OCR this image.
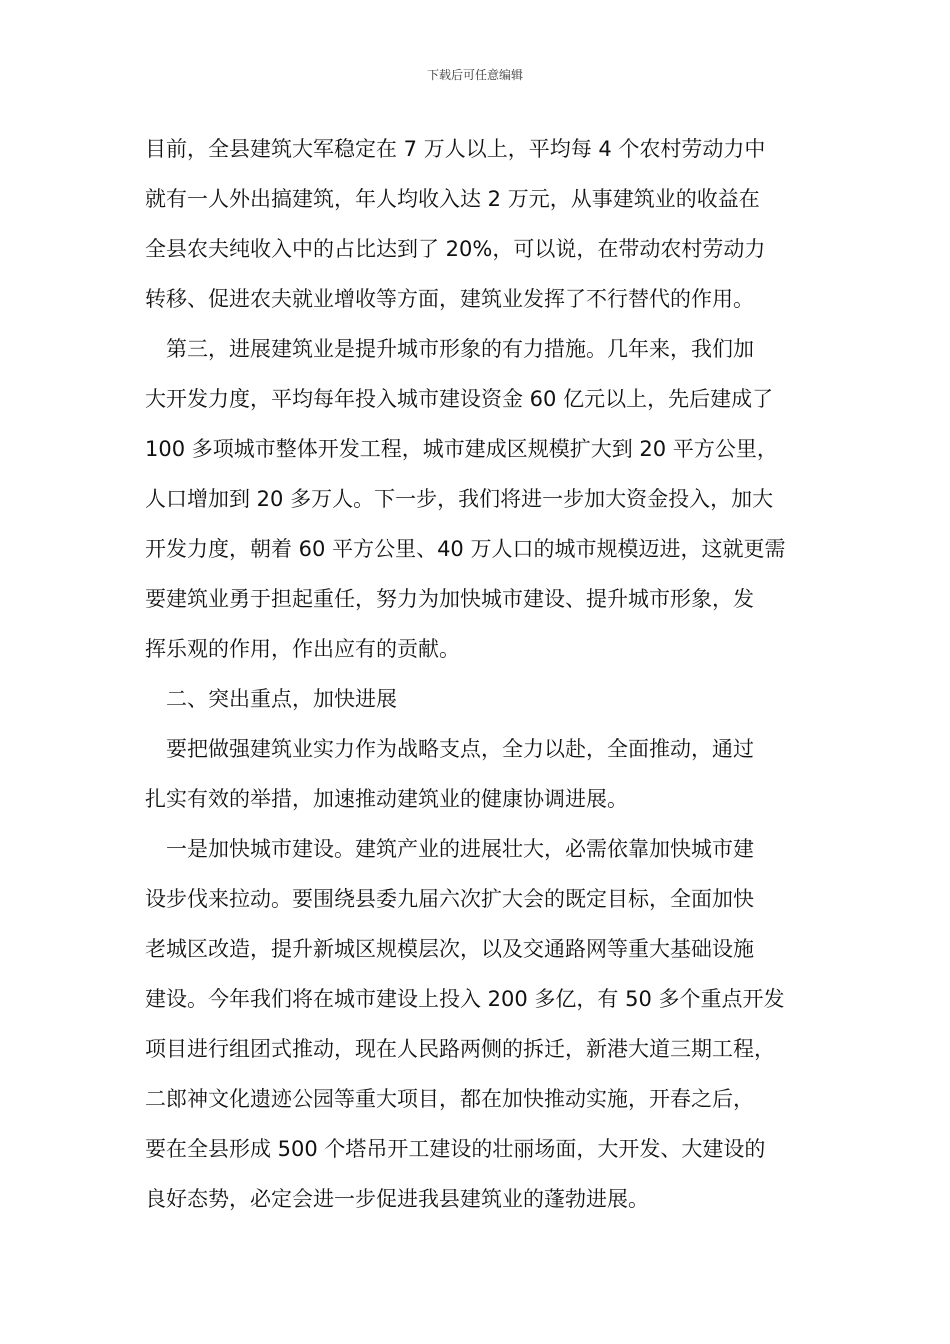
下载后可任意编辑
目前，全县建筑大军稳定在 7 万人以上，平均每 4 个农村劳动力中
就有一人外出搞建筑，年人均收入达 2 万元，从事建筑业的收益在
全县农夫纯收入中的占比达到了 20%，可以说，在带动农村劳动力
转移、促进农夫就业增收等方面，建筑业发挥了不行替代的作用。
　第三，进展建筑业是提升城市形象的有力措施。几年来，我们加
大开发力度，平均每年投入城市建设资金 60 亿元以上，先后建成了
100 多项城市整体开发工程，城市建成区规模扩大到 20 平方公里，
人口增加到 20 多万人。下一步，我们将进一步加大资金投入，加大
开发力度，朝着 60 平方公里、40 万人口的城市规模迈进，这就更需
要建筑业勇于担起重任，努力为加快城市建设、提升城市形象，发
挥乐观的作用，作出应有的贡献。
　二、突出重点，加快进展
　要把做强建筑业实力作为战略支点，全力以赴，全面推动，通过
扎实有效的举措，加速推动建筑业的健康协调进展。
　一是加快城市建设。建筑产业的进展壮大，必需依靠加快城市建
设步伐来拉动。要围绕县委九届六次扩大会的既定目标，全面加快
老城区改造，提升新城区规模层次，以及交通路网等重大基础设施
建设。今年我们将在城市建设上投入 200 多亿，有 50 多个重点开发
项目进行组团式推动，现在人民路两侧的拆迁，新港大道三期工程，
二郎神文化遗迹公园等重大项目，都在加快推动实施，开春之后，
要在全县形成 500 个塔吊开工建设的壮丽场面，大开发、大建设的
良好态势，必定会进一步促进我县建筑业的蓬勃进展。
